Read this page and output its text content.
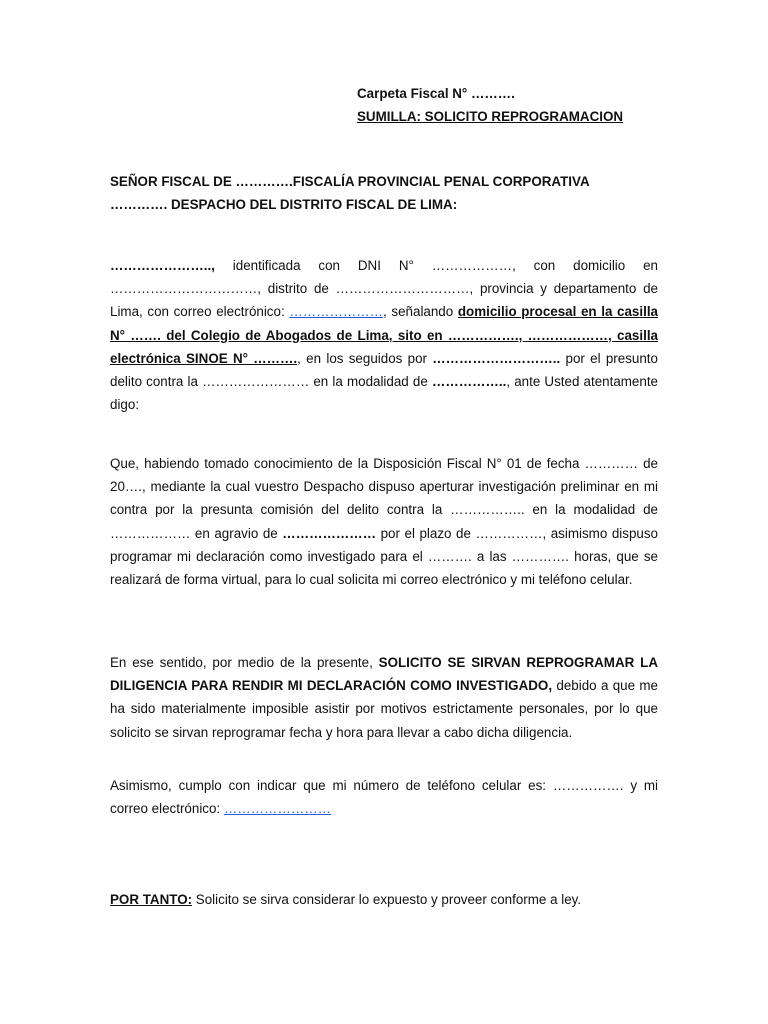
Carpeta Fiscal N° ……….
SUMILLA: SOLICITO REPROGRAMACION

SEÑOR FISCAL DE ………….FISCALÍA PROVINCIAL PENAL CORPORATIVA

…………. DESPACHO DEL DISTRITO FISCAL DE LIMA:

………………….., identificada con DNI N° ………………, con domicilio en ……………………………, distrito de …………………………, provincia y departamento de Lima, con correo electrónico: …………………, señalando domicilio procesal en la casilla N° ……. del Colegio de Abogados de Lima, sito en ……………., ………………, casilla electrónica SINOE N° ………., en los seguidos por ……………………….. por el presunto delito contra la …………………… en la modalidad de …………….., ante Usted atentamente digo:

Que, habiendo tomado conocimiento de la Disposición Fiscal N° 01 de fecha ………… de 20…., mediante la cual vuestro Despacho dispuso aperturar investigación preliminar en mi contra por la presunta comisión del delito contra la …………….. en la modalidad de ……………… en agravio de ………………… por el plazo de ……………, asimismo dispuso programar mi declaración como investigado para el ………. a las …………. horas, que se realizará de forma virtual, para lo cual solicita mi correo electrónico y mi teléfono celular.

En ese sentido, por medio de la presente, SOLICITO SE SIRVAN REPROGRAMAR LA DILIGENCIA PARA RENDIR MI DECLARACIÓN COMO INVESTIGADO, debido a que me ha sido materialmente imposible asistir por motivos estrictamente personales, por lo que solicito se sirvan reprogramar fecha y hora para llevar a cabo dicha diligencia.

Asimismo, cumplo con indicar que mi número de teléfono celular es: ……………. y mi correo electrónico: ……………………

POR TANTO: Solicito se sirva considerar lo expuesto y proveer conforme a ley.
